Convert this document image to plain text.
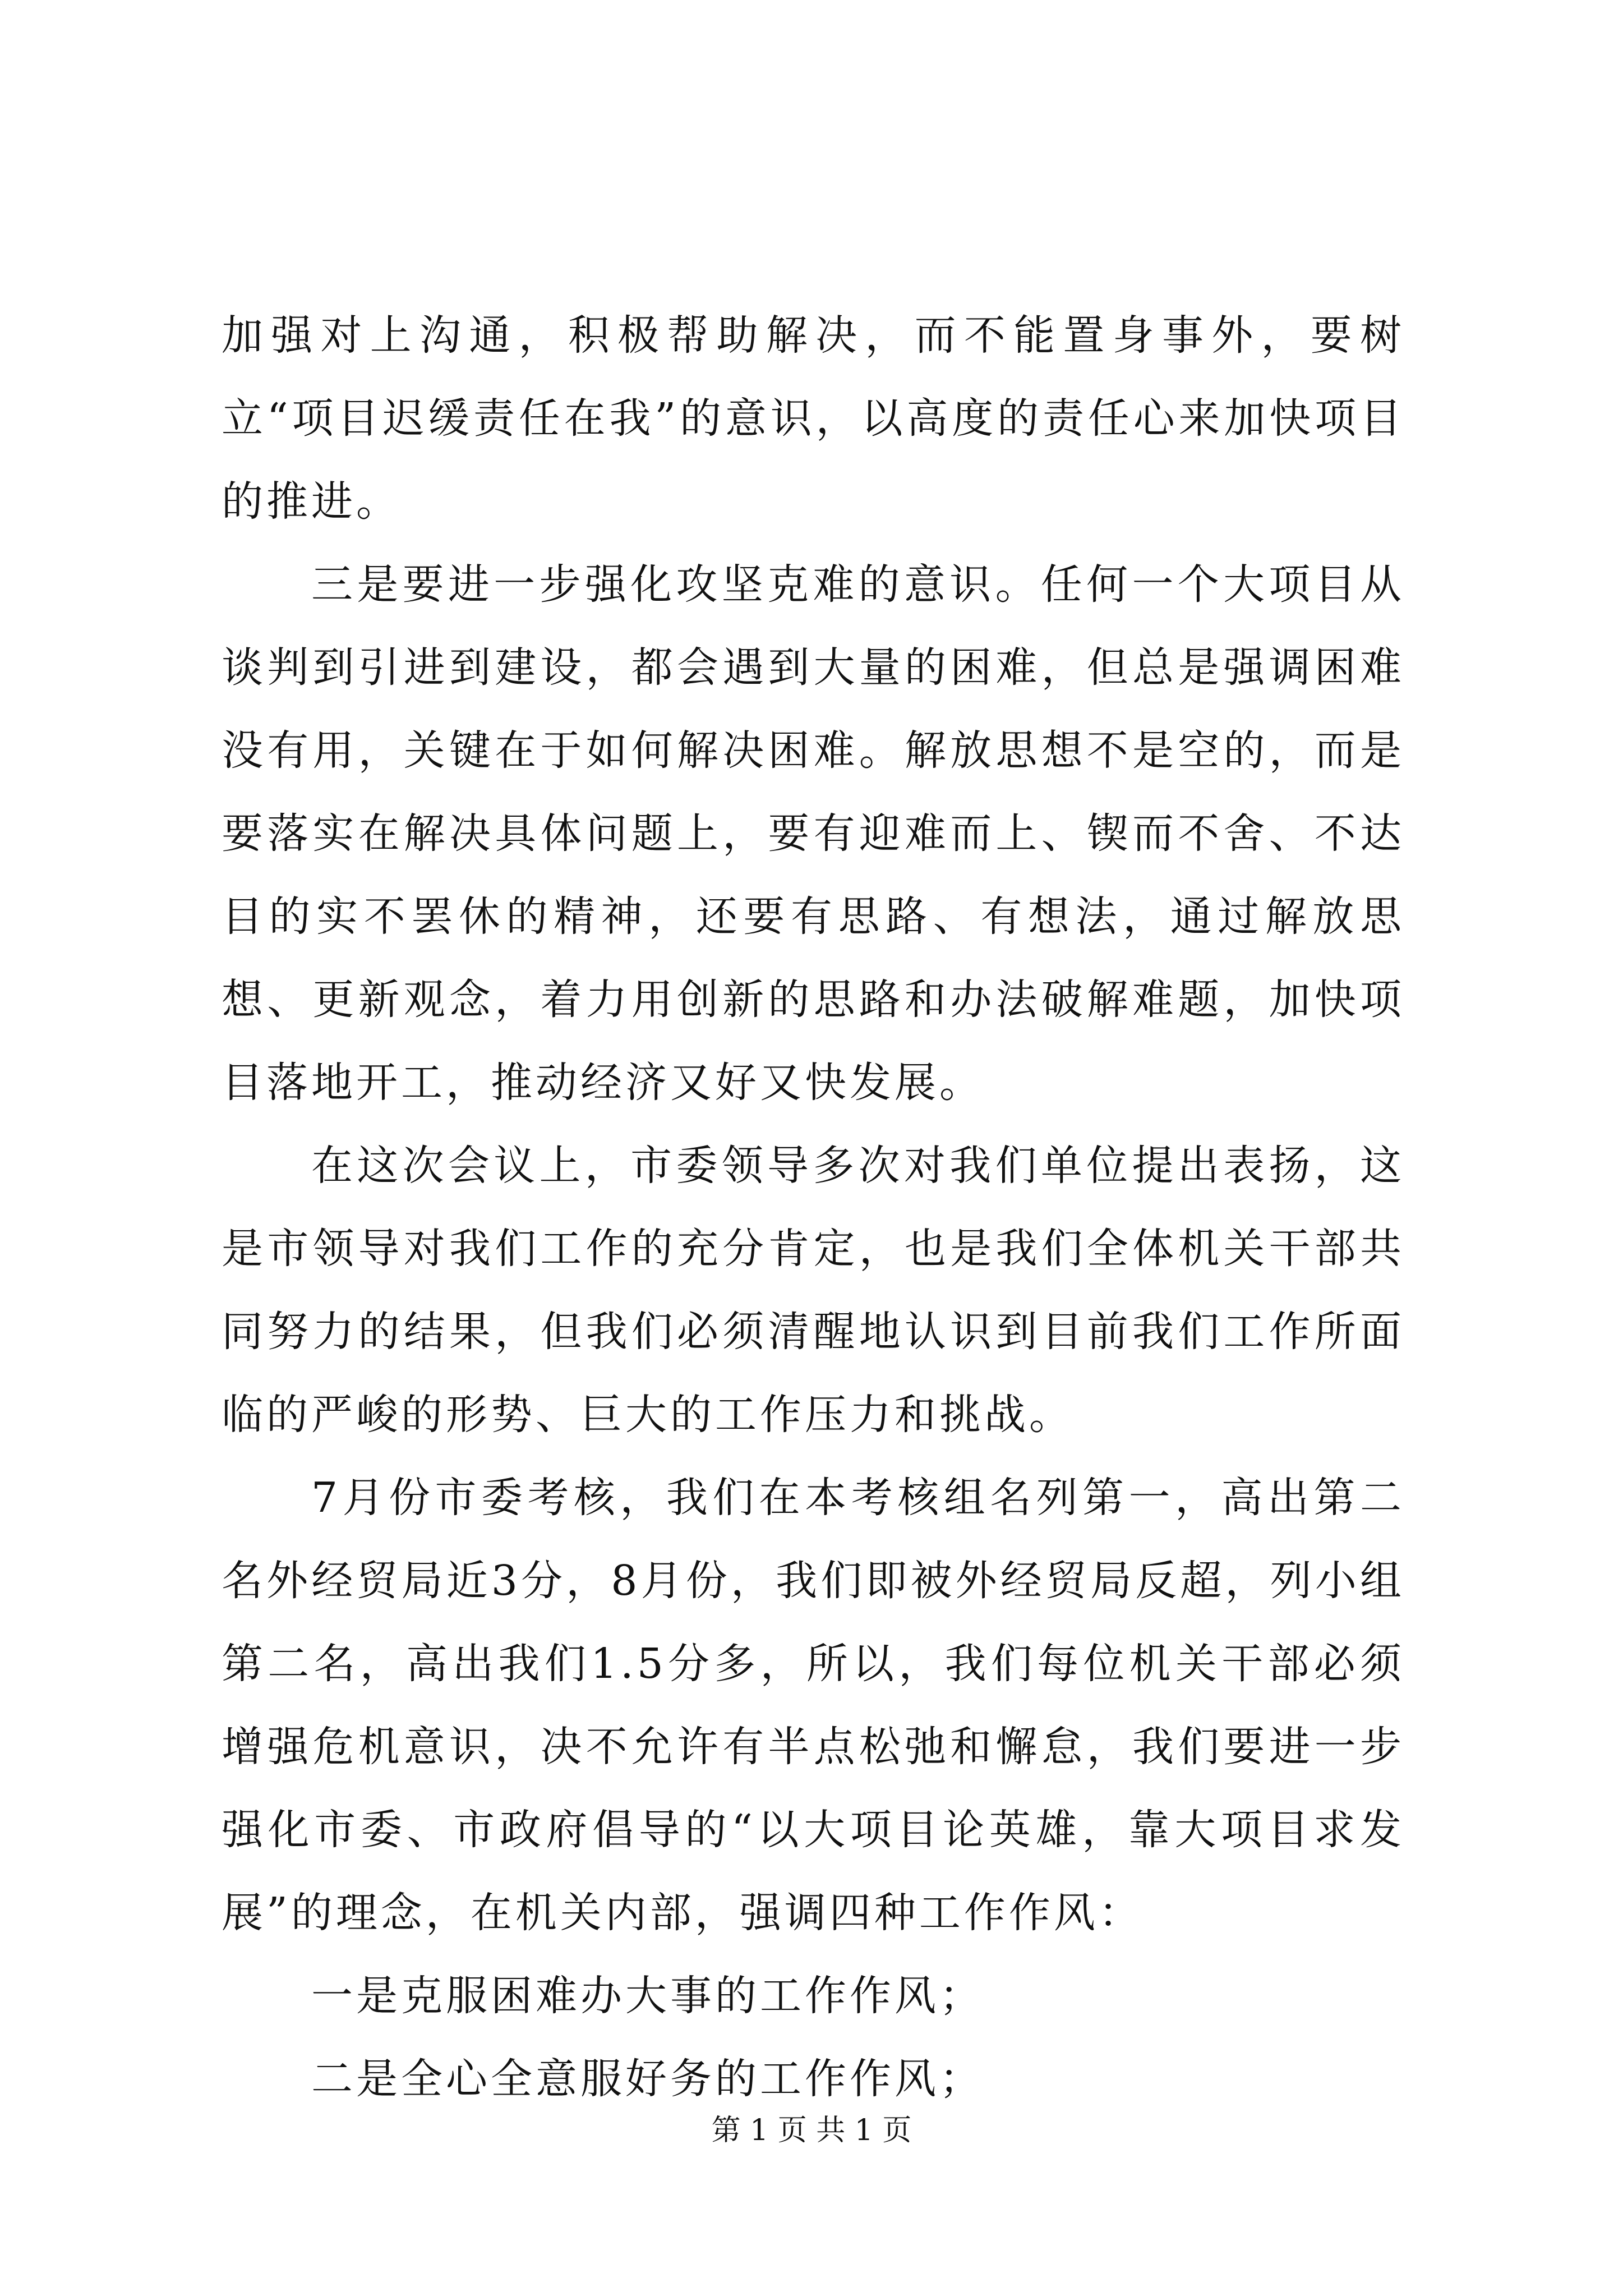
加强对上沟通，积极帮助解决，而不能置身事外，要树立“项目迟缓责任在我”的意识，以高度的责任心来加快项目的推进。

三是要进一步强化攻坚克难的意识。任何一个大项目从谈判到引进到建设，都会遇到大量的困难，但总是强调困难没有用，关键在于如何解决困难。解放思想不是空的，而是要落实在解决具体问题上，要有迎难而上、锲而不舍、不达目的实不罢休的精神，还要有思路、有想法，通过解放思想、更新观念，着力用创新的思路和办法破解难题，加快项目落地开工，推动经济又好又快发展。

在这次会议上，市委领导多次对我们单位提出表扬，这是市领导对我们工作的充分肯定，也是我们全体机关干部共同努力的结果，但我们必须清醒地认识到目前我们工作所面临的严峻的形势、巨大的工作压力和挑战。

7月份市委考核，我们在本考核组名列第一，高出第二名外经贸局近3分，8月份，我们即被外经贸局反超，列小组第二名，高出我们1.5分多，所以，我们每位机关干部必须增强危机意识，决不允许有半点松弛和懈怠，我们要进一步强化市委、市政府倡导的“以大项目论英雄，靠大项目求发展”的理念，在机关内部，强调四种工作作风：

一是克服困难办大事的工作作风；

二是全心全意服好务的工作作风；

第 1 页 共 1 页
